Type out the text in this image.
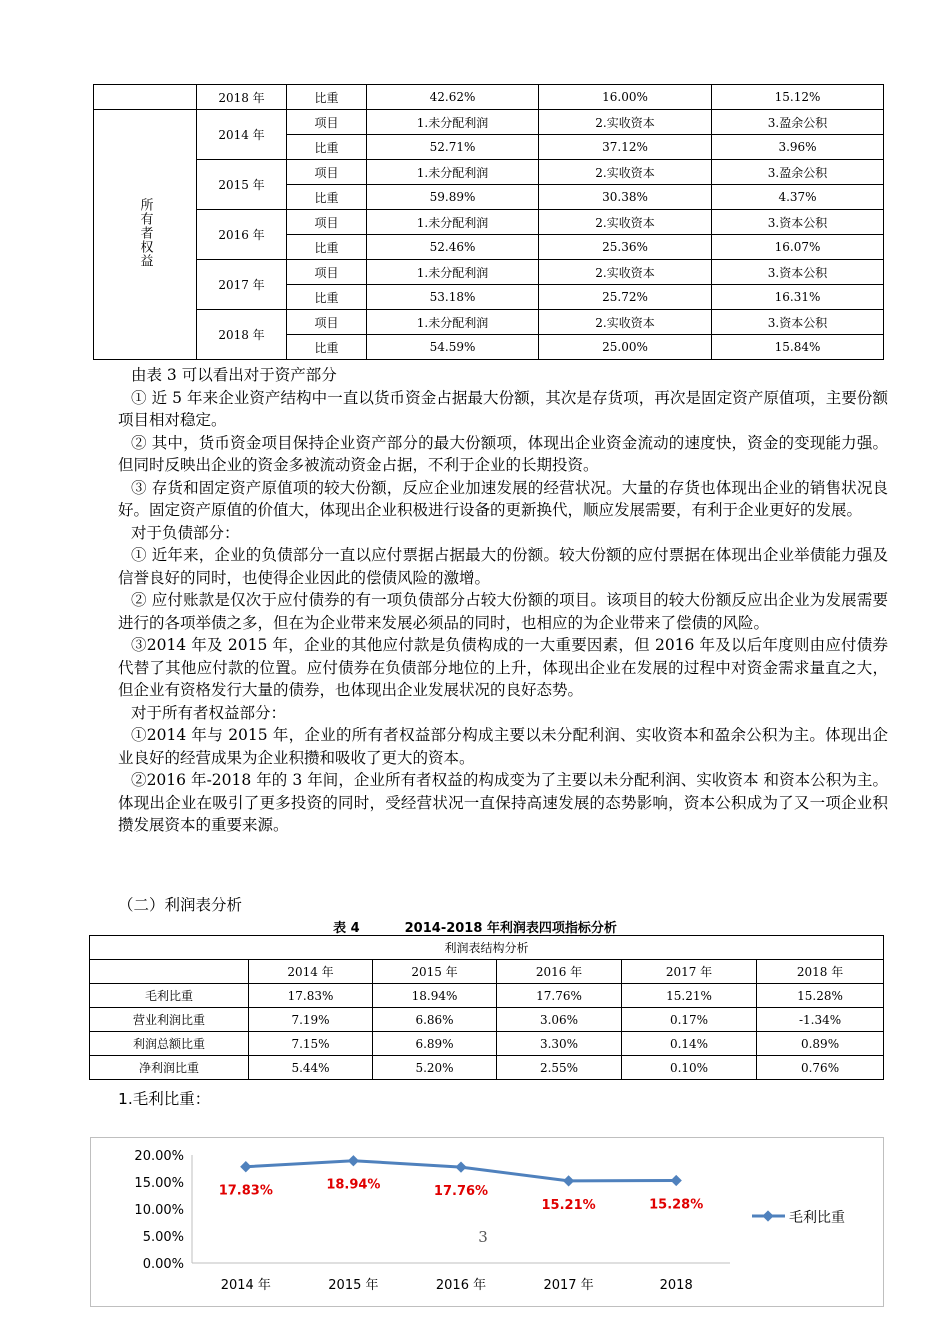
	2018 年	比重	42.62%	16.00%	15.12%
所有者权益	2014 年	项目	1.未分配利润	2.实收资本	3.盈余公积
		比重	52.71%	37.12%	3.96%
	2015 年	项目	1.未分配利润	2.实收资本	3.盈余公积
		比重	59.89%	30.38%	4.37%
	2016 年	项目	1.未分配利润	2.实收资本	3.资本公积
		比重	52.46%	25.36%	16.07%
	2017 年	项目	1.未分配利润	2.实收资本	3.资本公积
		比重	53.18%	25.72%	16.31%
	2018 年	项目	1.未分配利润	2.实收资本	3.资本公积
		比重	54.59%	25.00%	15.84%

由表 3 可以看出对于资产部分

① 近 5 年来企业资产结构中一直以货币资金占据最大份额，其次是存货项，再次是固定资产原值项，主要份额项目相对稳定。

② 其中，货币资金项目保持企业资产部分的最大份额项，体现出企业资金流动的速度快，资金的变现能力强。但同时反映出企业的资金多被流动资金占据，不利于企业的长期投资。

③ 存货和固定资产原值项的较大份额，反应企业加速发展的经营状况。大量的存货也体现出企业的销售状况良好。固定资产原值的价值大，体现出企业积极进行设备的更新换代，顺应发展需要，有利于企业更好的发展。

对于负债部分：

① 近年来，企业的负债部分一直以应付票据占据最大的份额。较大份额的应付票据在体现出企业举债能力强及信誉良好的同时，也使得企业因此的偿债风险的激增。

② 应付账款是仅次于应付债券的有一项负债部分占较大份额的项目。该项目的较大份额反应出企业为发展需要进行的各项举债之多，但在为企业带来发展必须品的同时，也相应的为企业带来了偿债的风险。

③2014 年及 2015 年，企业的其他应付款是负债构成的一大重要因素，但 2016 年及以后年度则由应付债券代替了其他应付款的位置。应付债券在负债部分地位的上升，体现出企业在发展的过程中对资金需求量直之大，但企业有资格发行大量的债券，也体现出企业发展状况的良好态势。

对于所有者权益部分：

①2014 年与 2015 年，企业的所有者权益部分构成主要以未分配利润、实收资本和盈余公积为主。体现出企业良好的经营成果为企业积攒和吸收了更大的资本。

②2016 年-2018 年的 3 年间，企业所有者权益的构成变为了主要以未分配利润、实收资本 和资本公积为主。体现出企业在吸引了更多投资的同时，受经营状况一直保持高速发展的态势影响，资本公积成为了又一项企业积攒发展资本的重要来源。

（二）利润表分析
表 4	2014-2018 年利润表四项指标分析
利润表结构分析					
	2014 年	2015 年	2016 年	2017 年	2018 年
毛利比重	17.83%	18.94%	17.76%	15.21%	15.28%
营业利润比重	7.19%	6.86%	3.06%	0.17%	-1.34%
利润总额比重	7.15%	6.89%	3.30%	0.14%	0.89%
净利润比重	5.44%	5.20%	2.55%	0.10%	0.76%
1.毛利比重：
0.00%
5.00%
10.00%
15.00%
20.00%
2014 年	2015 年	2016 年	2017 年	2018
17.83%	18.94%	17.76%
15.21%	15.28%
3
毛利比重
